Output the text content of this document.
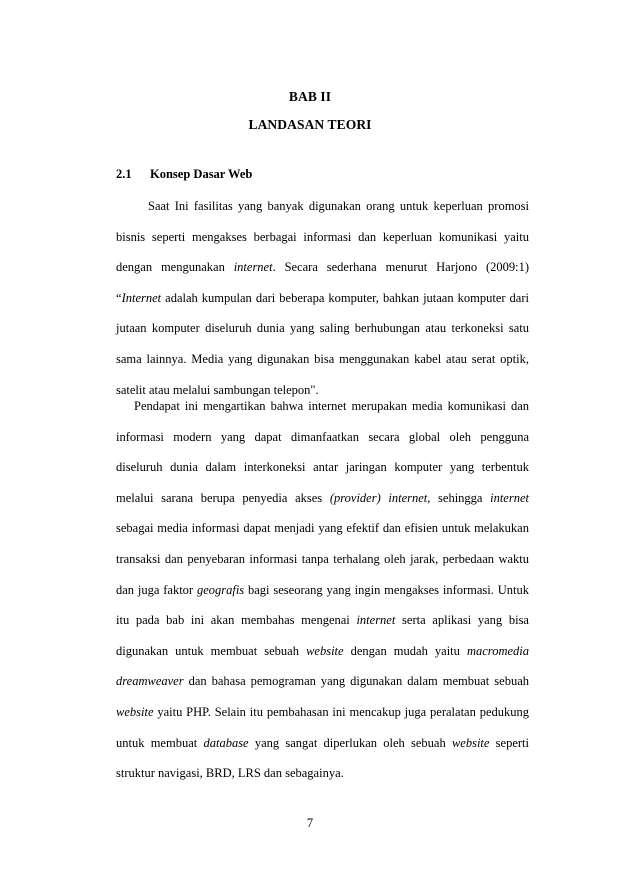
BAB II
LANDASAN TEORI
2.1 Konsep Dasar Web
Saat Ini fasilitas yang banyak digunakan orang untuk keperluan promosi
bisnis seperti mengakses berbagai informasi dan keperluan komunikasi yaitu
dengan mengunakan internet. Secara sederhana menurut Harjono (2009:1)
“Internet adalah kumpulan dari beberapa komputer, bahkan jutaan komputer dari
jutaan komputer diseluruh dunia yang saling berhubungan atau terkoneksi satu
sama lainnya. Media yang digunakan bisa menggunakan kabel atau serat optik,
satelit atau melalui sambungan telepon".
Pendapat ini mengartikan bahwa internet merupakan media komunikasi dan
informasi modern yang dapat dimanfaatkan secara global oleh pengguna
diseluruh dunia dalam interkoneksi antar jaringan komputer yang terbentuk
melalui sarana berupa penyedia akses (provider) internet, sehingga internet
sebagai media informasi dapat menjadi yang efektif dan efisien untuk melakukan
transaksi dan penyebaran informasi tanpa terhalang oleh jarak, perbedaan waktu
dan juga faktor geografis bagi seseorang yang ingin mengakses informasi. Untuk
itu pada bab ini akan membahas mengenai internet serta aplikasi yang bisa
digunakan untuk membuat sebuah website dengan mudah yaitu macromedia
dreamweaver dan bahasa pemograman yang digunakan dalam membuat sebuah
website yaitu PHP. Selain itu pembahasan ini mencakup juga peralatan pedukung
untuk membuat database yang sangat diperlukan oleh sebuah website seperti
struktur navigasi, BRD, LRS dan sebagainya.
7
